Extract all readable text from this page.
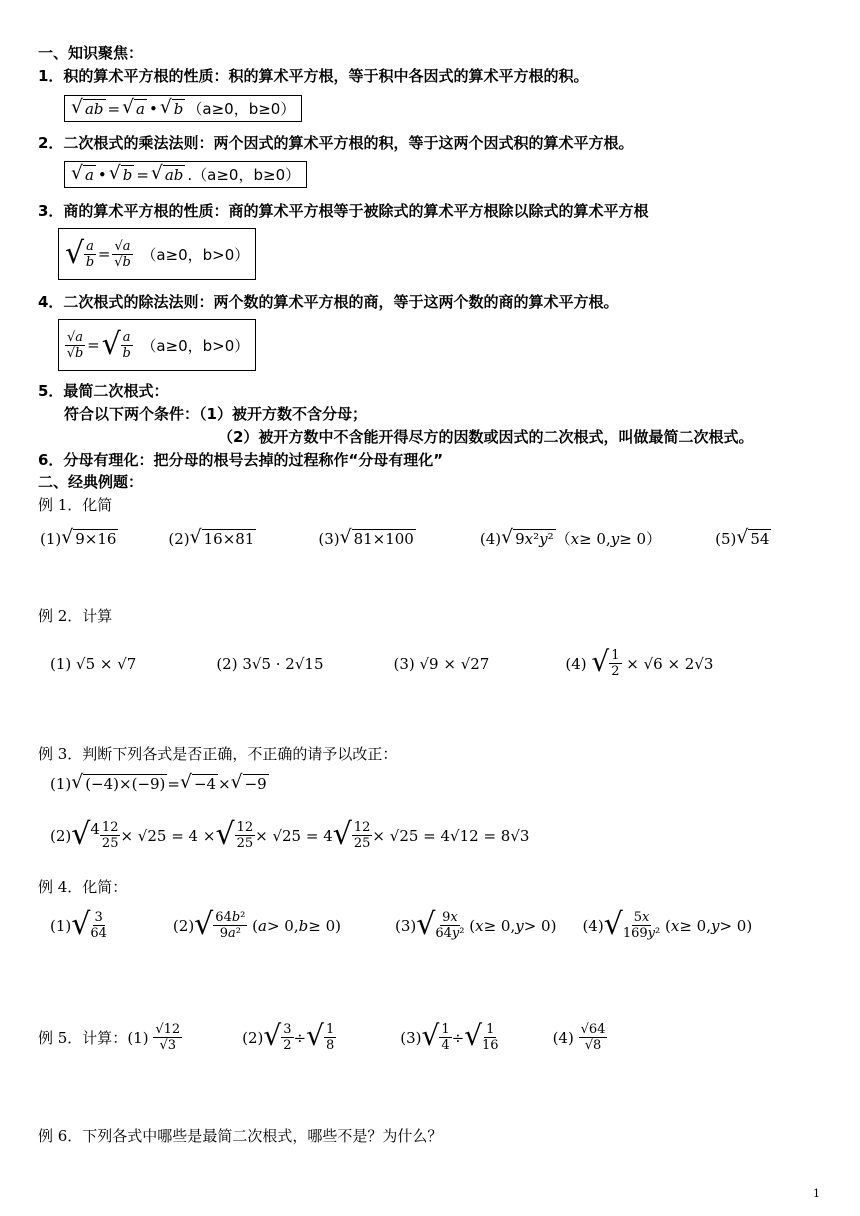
一、知识聚焦：
1．积的算术平方根的性质：积的算术平方根，等于积中各因式的算术平方根的积。
√ ab = √ a • √ b （a≥0，b≥0）
2．二次根式的乘法法则：两个因式的算术平方根的积，等于这两个因式积的算术平方根。
√ a • √ b = √ ab .（a≥0，b≥0）
3．商的算术平方根的性质：商的算术平方根等于被除式的算术平方根除以除式的算术平方根
√ $\frac{a}{b} = \frac{√a}{√b}$
（a≥0，b>0）
4．二次根式的除法法则：两个数的算术平方根的商，等于这两个数的商的算术平方根。
$\frac{√a}{√b}$ = √ $\frac{a}{b}$
（a≥0，b>0）
5．最简二次根式：
符合以下两个条件：（1）被开方数不含分母；
（2）被开方数中不含能开得尽方的因数或因式的二次根式，叫做最简二次根式。
6．分母有理化：把分母的根号去掉的过程称作“分母有理化”
二、经典例题：
例 1．化简
(1) √ 9×16	(2) √ 16×81	(3) √ 81×100	(4) √ 9x²y² （ x ≥ 0, y ≥ 0）	(5) √ 54
例 2．计算
(1) √5 × √7	(2) 3√5 · 2√15	(3) √9 × √27	(4) √ $\frac{1}{2} \times √6 \times 2√3$
例 3．判断下列各式是否正确，不正确的请予以改正：
(1) √ (−4)×(−9) = √ −4 × √ −9
(2) √ $4 \frac{12}{25} \times √25 = 4$ × √ $\frac{12}{25} \times √25 = 4$ √ $\frac{12}{25} \times √25 = 4√12 = 8√3$
例 4．化简：
(1) √ $\frac{3}{64}$	(2) √ $\frac{\text{64b²}}{\text{9a²}}$ ( a > 0, b ≥ 0)	(3) √ $\frac{9x}{\text{64y²}}$ ( x ≥ 0, y > 0)
(4) √ $\frac{5x}{\text{169y²}}$ ( x ≥ 0, y > 0)
例 5．计算： $(1) \frac{√12}{√3}$	(2) √ $\frac{3}{2}$ ÷ √ $\frac{1}{8}$	(3) √ $\frac{1}{4}$ ÷ √ $\frac{1}{16}$	$(4) \frac{√64}{√8}$
例 6．下列各式中哪些是最简二次根式，哪些不是？为什么？
1
